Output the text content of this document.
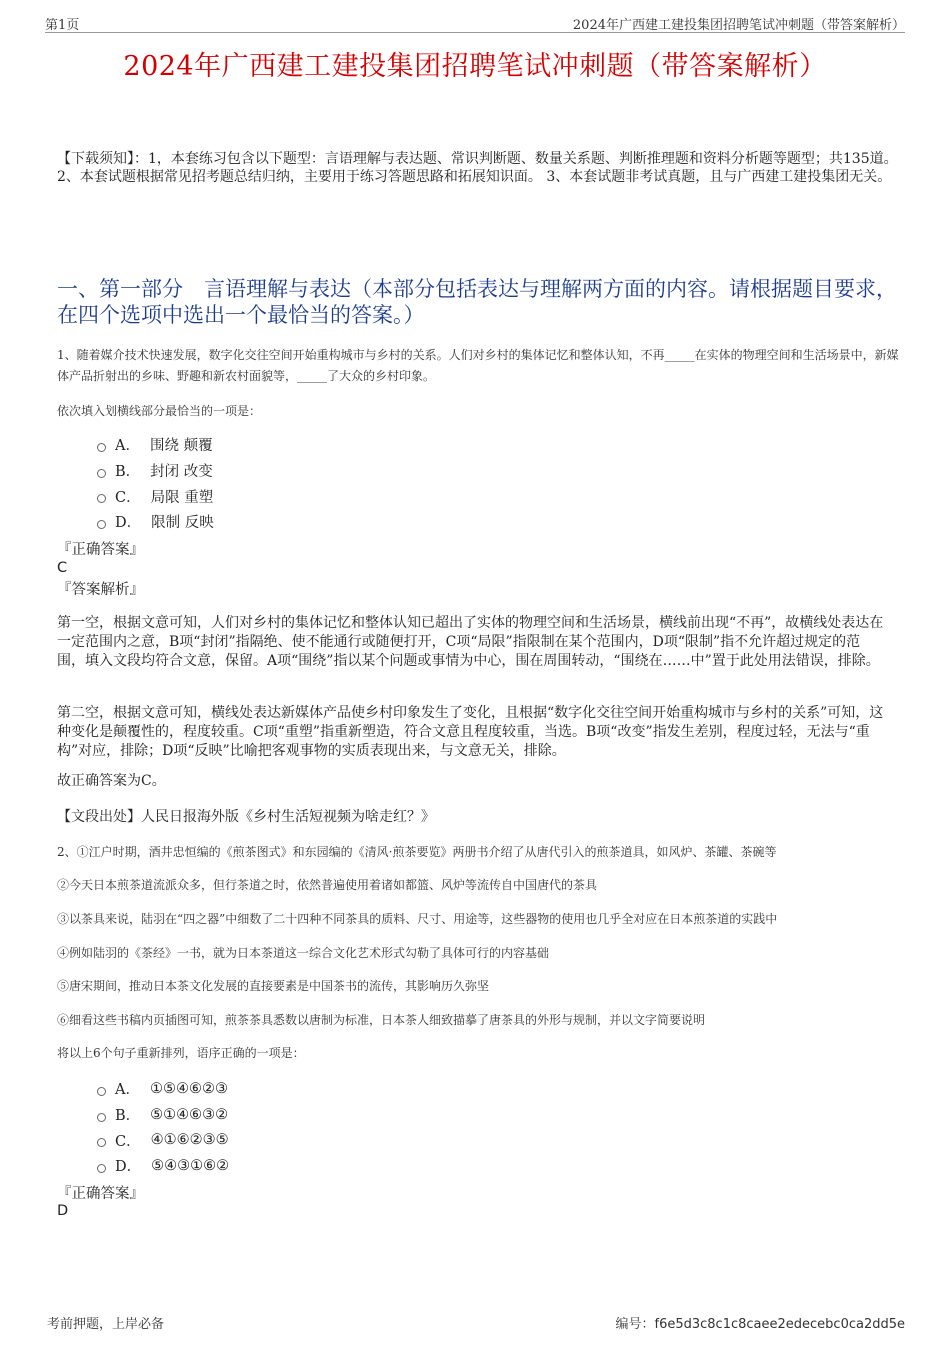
第1页	2024年广西建工建投集团招聘笔试冲刺题（带答案解析）
2024年广西建工建投集团招聘笔试冲刺题（带答案解析）
【下载须知】：1，本套练习包含以下题型：言语理解与表达题、常识判断题、数量关系题、判断推理题和资料分析题等题型；共135道。 2、本套试题根据常见招考题总结归纳，主要用于练习答题思路和拓展知识面。 3、本套试题非考试真题，且与广西建工建投集团无关。
一、第一部分　言语理解与表达（本部分包括表达与理解两方面的内容。请根据题目要求，在四个选项中选出一个最恰当的答案。）
1、随着媒介技术快速发展，数字化交往空间开始重构城市与乡村的关系。人们对乡村的集体记忆和整体认知，不再_____在实体的物理空间和生活场景中，新媒体产品折射出的乡味、野趣和新农村面貌等，_____了大众的乡村印象。
依次填入划横线部分最恰当的一项是：
A． 围绕 颠覆
B． 封闭 改变
C． 局限 重塑
D． 限制 反映
『正确答案』
C
『答案解析』
第一空，根据文意可知，人们对乡村的集体记忆和整体认知已超出了实体的物理空间和生活场景，横线前出现“不再”，故横线处表达在一定范围内之意，B项“封闭”指隔绝、使不能通行或随便打开，C项“局限”指限制在某个范围内，D项“限制”指不允许超过规定的范围，填入文段均符合文意，保留。A项“围绕”指以某个问题或事情为中心，围在周围转动，“围绕在……中”置于此处用法错误，排除。
第二空，根据文意可知，横线处表达新媒体产品使乡村印象发生了变化，且根据“数字化交往空间开始重构城市与乡村的关系”可知，这种变化是颠覆性的，程度较重。C项“重塑”指重新塑造，符合文意且程度较重，当选。B项“改变”指发生差别，程度过轻，无法与“重构”对应，排除；D项“反映”比喻把客观事物的实质表现出来，与文意无关，排除。
故正确答案为C。
【文段出处】人民日报海外版《乡村生活短视频为啥走红？》
2、①江户时期，酒井忠恒编的《煎茶图式》和东园编的《清风·煎茶要览》两册书介绍了从唐代引入的煎茶道具，如风炉、茶罐、茶碗等
②今天日本煎茶道流派众多，但行茶道之时，依然普遍使用着诸如都篮、风炉等流传自中国唐代的茶具
③以茶具来说，陆羽在“四之器”中细数了二十四种不同茶具的质料、尺寸、用途等，这些器物的使用也几乎全对应在日本煎茶道的实践中
④例如陆羽的《茶经》一书，就为日本茶道这一综合文化艺术形式勾勒了具体可行的内容基础
⑤唐宋期间，推动日本茶文化发展的直接要素是中国茶书的流传，其影响历久弥坚
⑥细看这些书稿内页插图可知，煎茶茶具悉数以唐制为标准，日本茶人细致描摹了唐茶具的外形与规制，并以文字简要说明
将以上6个句子重新排列，语序正确的一项是：
A． ①⑤④⑥②③
B． ⑤①④⑥③②
C． ④①⑥②③⑤
D． ⑤④③①⑥②
『正确答案』
D
考前押题，上岸必备	编号：f6e5d3c8c1c8caee2edecebc0ca2dd5e
